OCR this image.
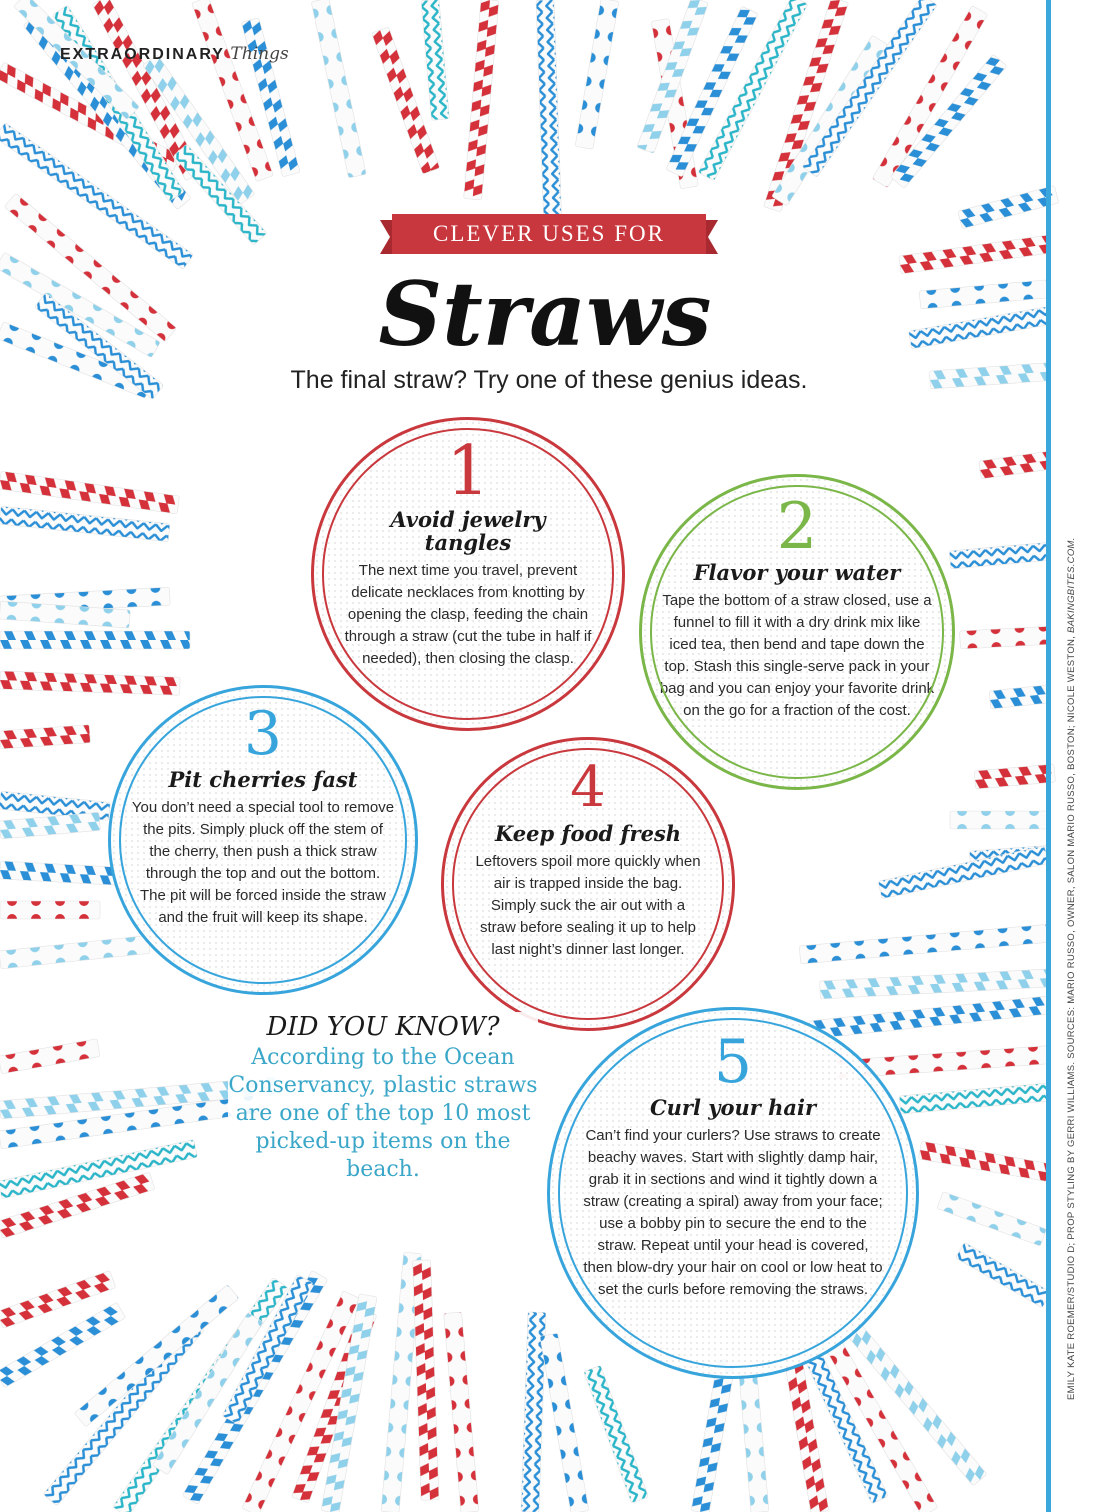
EXTRAORDINARY Things
CLEVER USES FOR
Straws
The final straw? Try one of these genius ideas.
1
Avoid jewelry tangles
The next time you travel, prevent delicate necklaces from knotting by opening the clasp, feeding the chain through a straw (cut the tube in half if needed), then closing the clasp.
2
Flavor your water
Tape the bottom of a straw closed, use a funnel to fill it with a dry drink mix like iced tea, then bend and tape down the top. Stash this single-serve pack in your bag and you can enjoy your favorite drink on the go for a fraction of the cost.
3
Pit cherries fast
You don’t need a special tool to remove the pits. Simply pluck off the stem of the cherry, then push a thick straw through the top and out the bottom. The pit will be forced inside the straw and the fruit will keep its shape.
4
Keep food fresh
Leftovers spoil more quickly when air is trapped inside the bag. Simply suck the air out with a straw before sealing it up to help last night’s dinner last longer.
5
Curl your hair
Can’t find your curlers? Use straws to create beachy waves. Start with slightly damp hair, grab it in sections and wind it tightly down a straw (creating a spiral) away from your face; use a bobby pin to secure the end to the straw. Repeat until your head is covered, then blow-dry your hair on cool or low heat to set the curls before removing the straws.
DID YOU KNOW?
According to the Ocean Conservancy, plastic straws are one of the top 10 most picked-up items on the beach.	EMILY KATE ROEMER/STUDIO D; PROP STYLING BY GERRI WILLIAMS. SOURCES: MARIO RUSSO, OWNER, SALON MARIO RUSSO, BOSTON; NICOLE WESTON, BAKINGBITES.COM.
